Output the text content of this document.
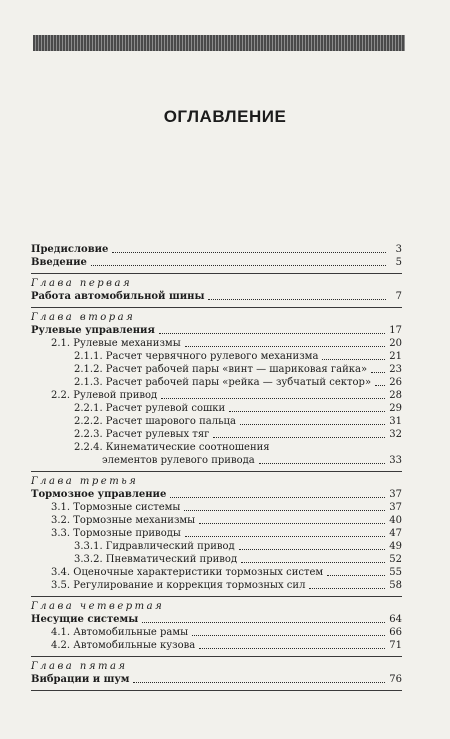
ОГЛАВЛЕНИЕ
Предисловие	3
Введение	5
Глава первая
Работа автомобильной шины	7
Глава вторая
Рулевые управления	17
2.1. Рулевые механизмы	20
2.1.1. Расчет червячного рулевого механизма	21
2.1.2. Расчет рабочей пары «винт — шариковая гайка» 23
2.1.3. Расчет рабочей пары «рейка — зубчатый сектор» 26
2.2. Рулевой привод	28
2.2.1. Расчет рулевой сошки	29
2.2.2. Расчет шарового пальца	31
2.2.3. Расчет рулевых тяг	32
2.2.4. Кинематические соотношения
элементов рулевого привода	33
Глава третья
Тормозное управление	37
3.1. Тормозные системы	37
3.2. Тормозные механизмы	40
3.3. Тормозные приводы	47
3.3.1. Гидравлический привод	49
3.3.2. Пневматический привод	52
3.4. Оценочные характеристики тормозных систем	55
3.5. Регулирование и коррекция тормозных сил	58
Глава четвертая
Несущие системы	64
4.1. Автомобильные рамы	66
4.2. Автомобильные кузова	71
Глава пятая
Вибрации и шум	76
